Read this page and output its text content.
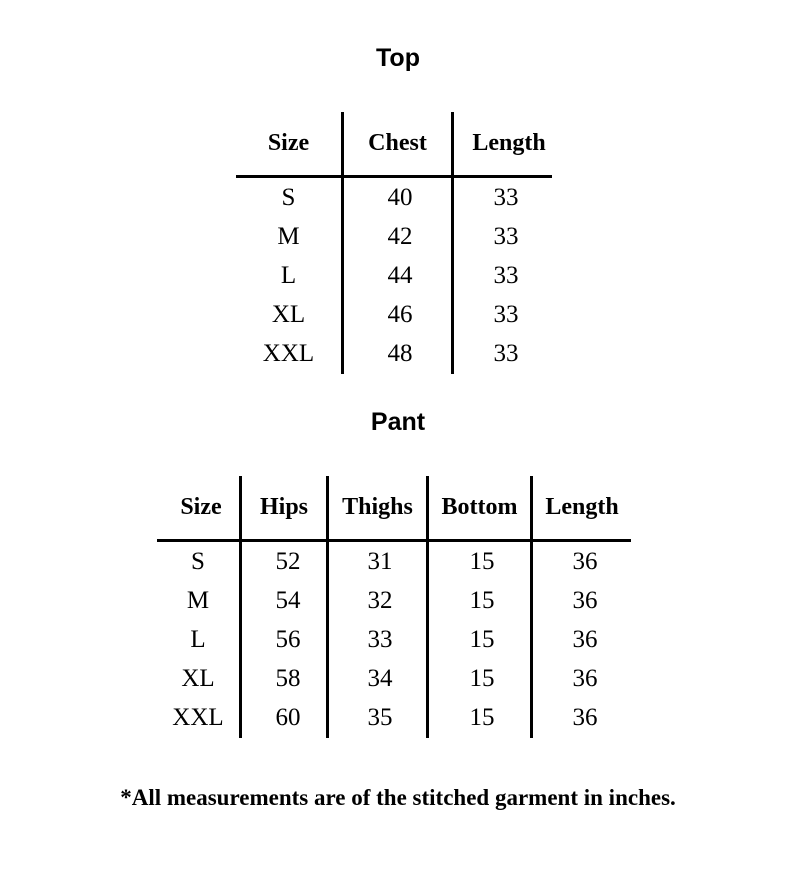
Top
Size	Chest	Length
S	40	33
M	42	33
L	44	33
XL	46	33
XXL	48	33
Pant
Size	Hips	Thighs	Bottom	Length
S	52	31	15	36
M	54	32	15	36
L	56	33	15	36
XL	58	34	15	36
XXL	60	35	15	36
*All measurements are of the stitched garment in inches.
